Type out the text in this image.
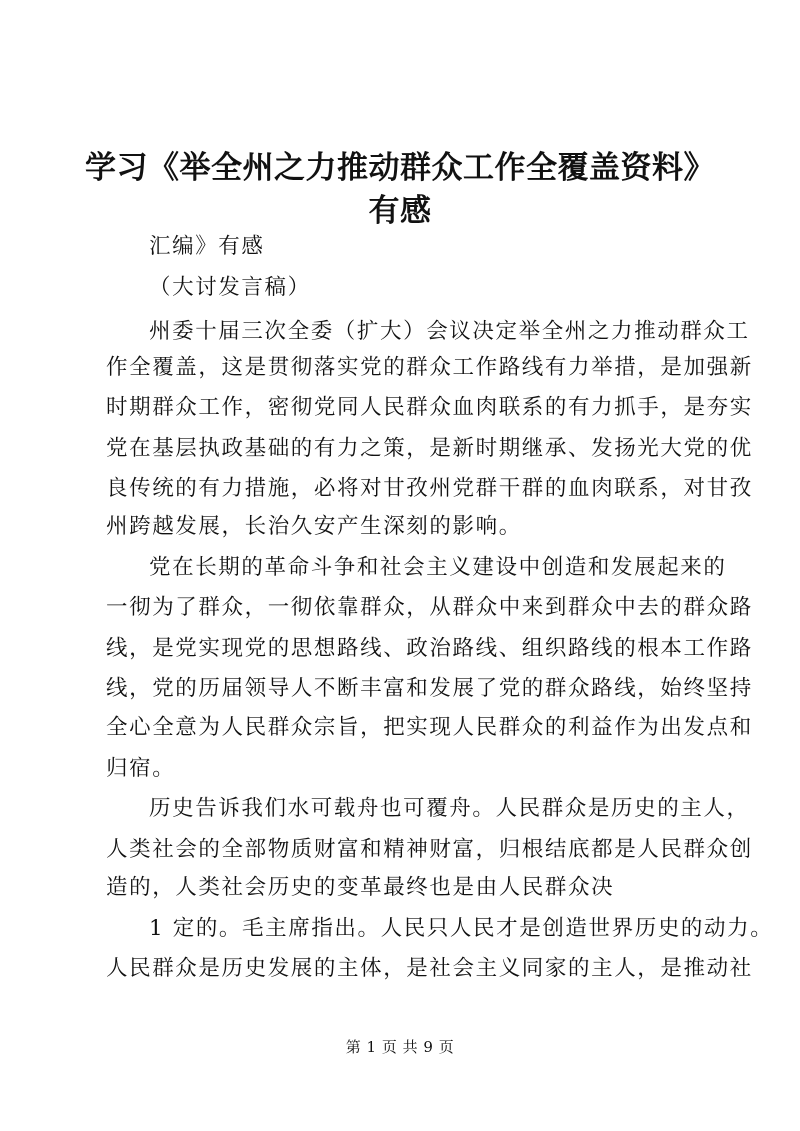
学习《举全州之力推动群众工作全覆盖资料》
有感
汇编》有感
（大讨发言稿）
州委十届三次全委（扩大）会议决定举全州之力推动群众工
作全覆盖，这是贯彻落实党的群众工作路线有力举措，是加强新
时期群众工作，密彻党同人民群众血肉联系的有力抓手，是夯实
党在基层执政基础的有力之策，是新时期继承、发扬光大党的优
良传统的有力措施，必将对甘孜州党群干群的血肉联系，对甘孜
州跨越发展，长治久安产生深刻的影响。
党在长期的革命斗争和社会主义建设中创造和发展起来的
一彻为了群众，一彻依靠群众，从群众中来到群众中去的群众路
线，是党实现党的思想路线、政治路线、组织路线的根本工作路
线，党的历届领导人不断丰富和发展了党的群众路线，始终坚持
全心全意为人民群众宗旨，把实现人民群众的利益作为出发点和
归宿。
历史告诉我们水可载舟也可覆舟。人民群众是历史的主人，
人类社会的全部物质财富和精神财富，归根结底都是人民群众创
造的，人类社会历史的变革最终也是由人民群众决
1 定的。毛主席指出。人民只人民才是创造世界历史的动力。
人民群众是历史发展的主体，是社会主义同家的主人，是推动社
第 1 页 共 9 页
